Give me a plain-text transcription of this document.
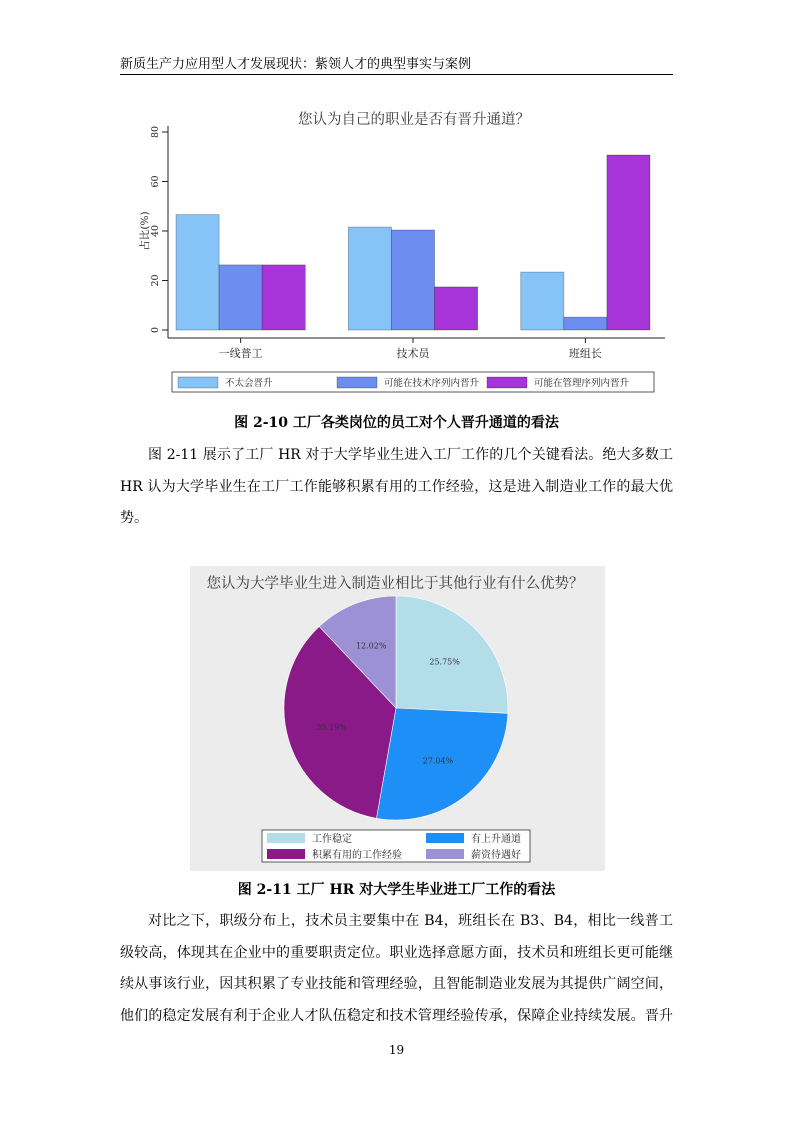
新质生产力应用型人才发展现状：紫领人才的典型事实与案例
您认为自己的职业是否有晋升通道？
0
20
40
60
80
占比(%)
一线普工	技术员	班组长
不太会晋升	可能在技术序列内晋升	可能在管理序列内晋升
图 2-10 工厂各类岗位的员工对个人晋升通道的看法
图 2-11 展示了工厂 HR 对于大学毕业生进入工厂工作的几个关键看法。绝大多数工
HR 认为大学毕业生在工厂工作能够积累有用的工作经验，这是进入制造业工作的最大优
势。
您认为大学毕业生进入制造业相比于其他行业有什么优势？
25.75%
27.04%
35.19%
12.02%
工作稳定	有上升通道
积累有用的工作经验	薪资待遇好
图 2-11 工厂 HR 对大学生毕业进工厂工作的看法
对比之下，职级分布上，技术员主要集中在 B4，班组长在 B3、B4，相比一线普工
级较高，体现其在企业中的重要职责定位。职业选择意愿方面，技术员和班组长更可能继
续从事该行业，因其积累了专业技能和管理经验，且智能制造业发展为其提供广阔空间，
他们的稳定发展有利于企业人才队伍稳定和技术管理经验传承，保障企业持续发展。晋升
19
